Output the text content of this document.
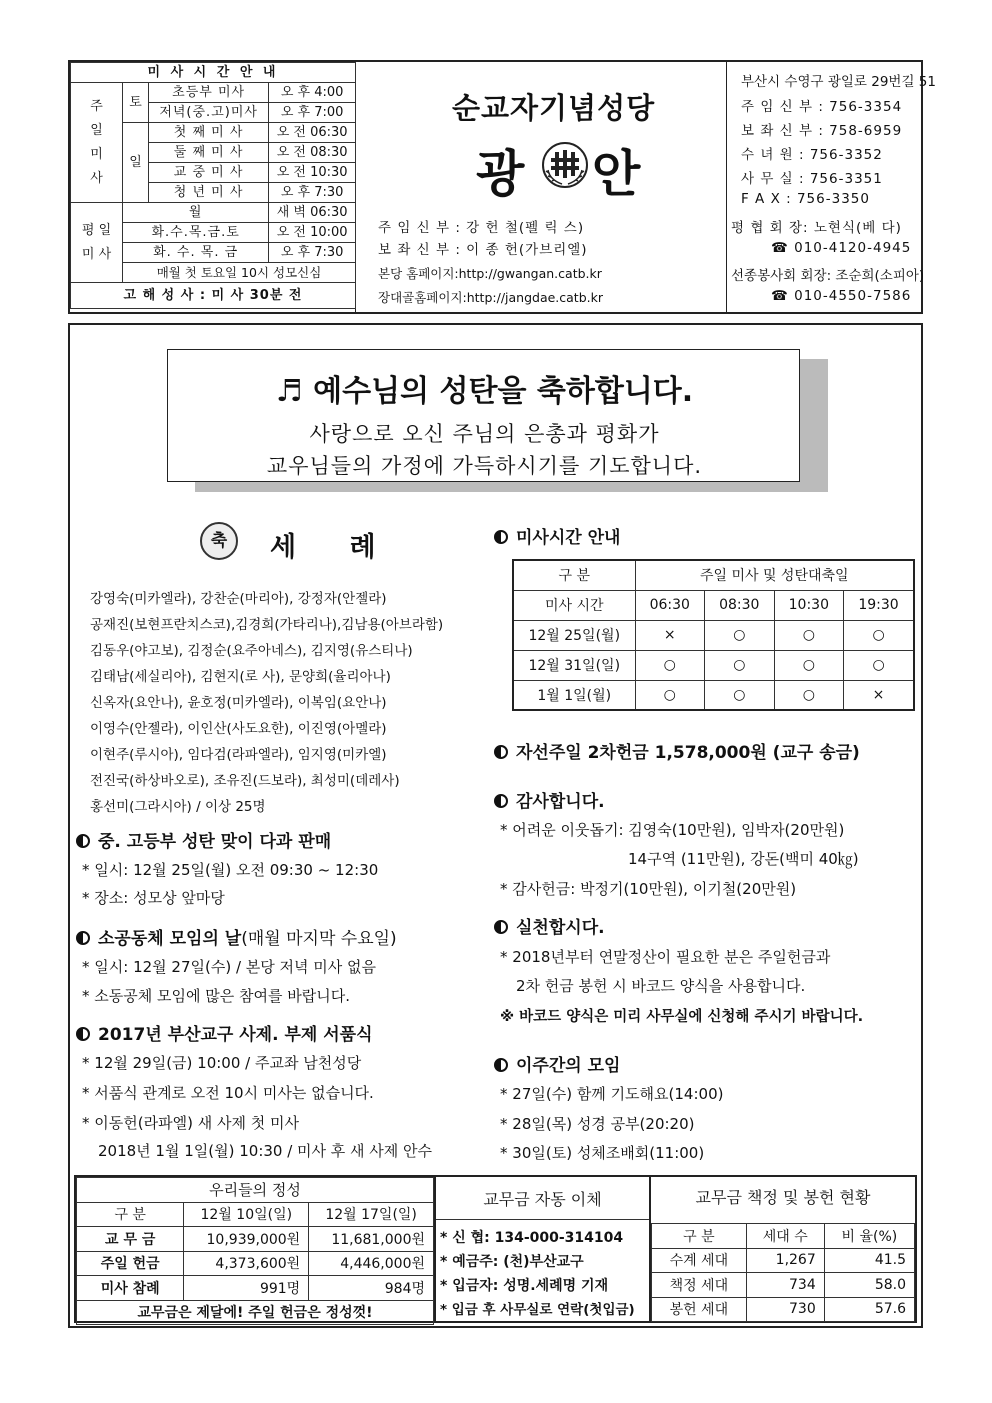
미 사 시 간 안 내			
주
일
미
사	토	초등부 미사	오 후 4:00
		저녁(중.고)미사	오 후 7:00
	일	첫 째 미 사	오 전 06:30
		둘 째 미 사	오 전 08:30
		교 중 미 사	오 전 10:30
		청 년 미 사	오 후 7:30
평 일
미 사	월		새 벽 06:30
	화.수.목.금.토		오 전 10:00
	화. 수. 목. 금		오 후 7:30
	매월 첫 토요일 10시 성모신심		
고 해 성 사 : 미 사 30분 전			
순교자기념성당
광 안
주 임 신 부 : 강 헌 철(펠 릭 스)
보 좌 신 부 : 이 종 헌(가브리엘)
본당 홈페이지:http://gwangan.catb.kr
장대골홈페이지:http://jangdae.catb.kr
부산시 수영구 광일로 29번길 51
주 임 신 부 : 756-3354
보 좌 신 부 : 758-6959
수 녀 원 : 756-3352
사 무 실 : 756-3351
F A X : 756-3350
평 협 회 장: 노현식(베 다)
☎ 010-4120-4945
선종봉사회 회장: 조순희(소피아)
☎ 010-4550-7586
♬ 예수님의 성탄을 축하합니다.
사랑으로 오신 주님의 은총과 평화가
교우님들의 가정에 가득하시기를 기도합니다.
축	세 례
강영숙(미카엘라), 강찬순(마리아), 강정자(안젤라)
공재진(보현프란치스코),김경희(가타리나),김남용(아브라함)
김동우(야고보), 김정순(요주아네스), 김지영(유스티나)
김태남(세실리아), 김현지(로 사), 문양희(율리아나)
신옥자(요안나), 윤호정(미카엘라), 이복임(요안나)
이영수(안젤라), 이인산(사도요한), 이진영(아멜라)
이현주(루시아), 임다검(라파엘라), 임지영(미카엘)
전진국(하상바오로), 조유진(드보라), 최성미(데레사)
홍선미(그라시아) / 이상 25명
중. 고등부 성탄 맞이 다과 판매
* 일시: 12월 25일(월) 오전 09:30 ~ 12:30
* 장소: 성모상 앞마당
소공동체 모임의 날(매월 마지막 수요일)
* 일시: 12월 27일(수) / 본당 저녁 미사 없음
* 소동공체 모임에 많은 참여를 바랍니다.
2017년 부산교구 사제. 부제 서품식
* 12월 29일(금) 10:00 / 주교좌 남천성당
* 서품식 관계로 오전 10시 미사는 없습니다.
* 이동헌(라파엘) 새 사제 첫 미사
2018년 1월 1일(월) 10:30 / 미사 후 새 사제 안수
미사시간 안내
구 분	주일 미사 및 성탄대축일			
미사 시간	06:30	08:30	10:30	19:30
12월 25일(월)	×	○	○	○
12월 31일(일)	○	○	○	○
1월 1일(월)	○	○	○	×
자선주일 2차헌금 1,578,000원 (교구 송금)
감사합니다.
* 어려운 이웃돕기: 김영숙(10만원), 임박자(20만원)
14구역 (11만원), 강돈(백미 40㎏)
* 감사헌금: 박정기(10만원), 이기철(20만원)
실천합시다.
* 2018년부터 연말정산이 필요한 분은 주일헌금과
2차 헌금 봉헌 시 바코드 양식을 사용합니다.
※ 바코드 양식은 미리 사무실에 신청해 주시기 바랍니다.
이주간의 모임
* 27일(수) 함께 기도해요(14:00)
* 28일(목) 성경 공부(20:20)
* 30일(토) 성체조배회(11:00)
우리들의 정성		
구 분	12월 10일(일)	12월 17일(일)
교 무 금	10,939,000원	11,681,000원
주일 헌금	4,373,600원	4,446,000원
미사 참례	991명	984명
교무금은 제달에! 주일 헌금은 정성껏!		
교무금 자동 이체
* 신 협: 134-000-314104
* 예금주: (천)부산교구
* 입금자: 성명.세례명 기재
* 입금 후 사무실로 연락(첫입금)
교무금 책정 및 봉헌 현황
구 분	세대 수	비 율(%)
수계 세대	1,267	41.5
책정 세대	734	58.0
봉헌 세대	730	57.6
